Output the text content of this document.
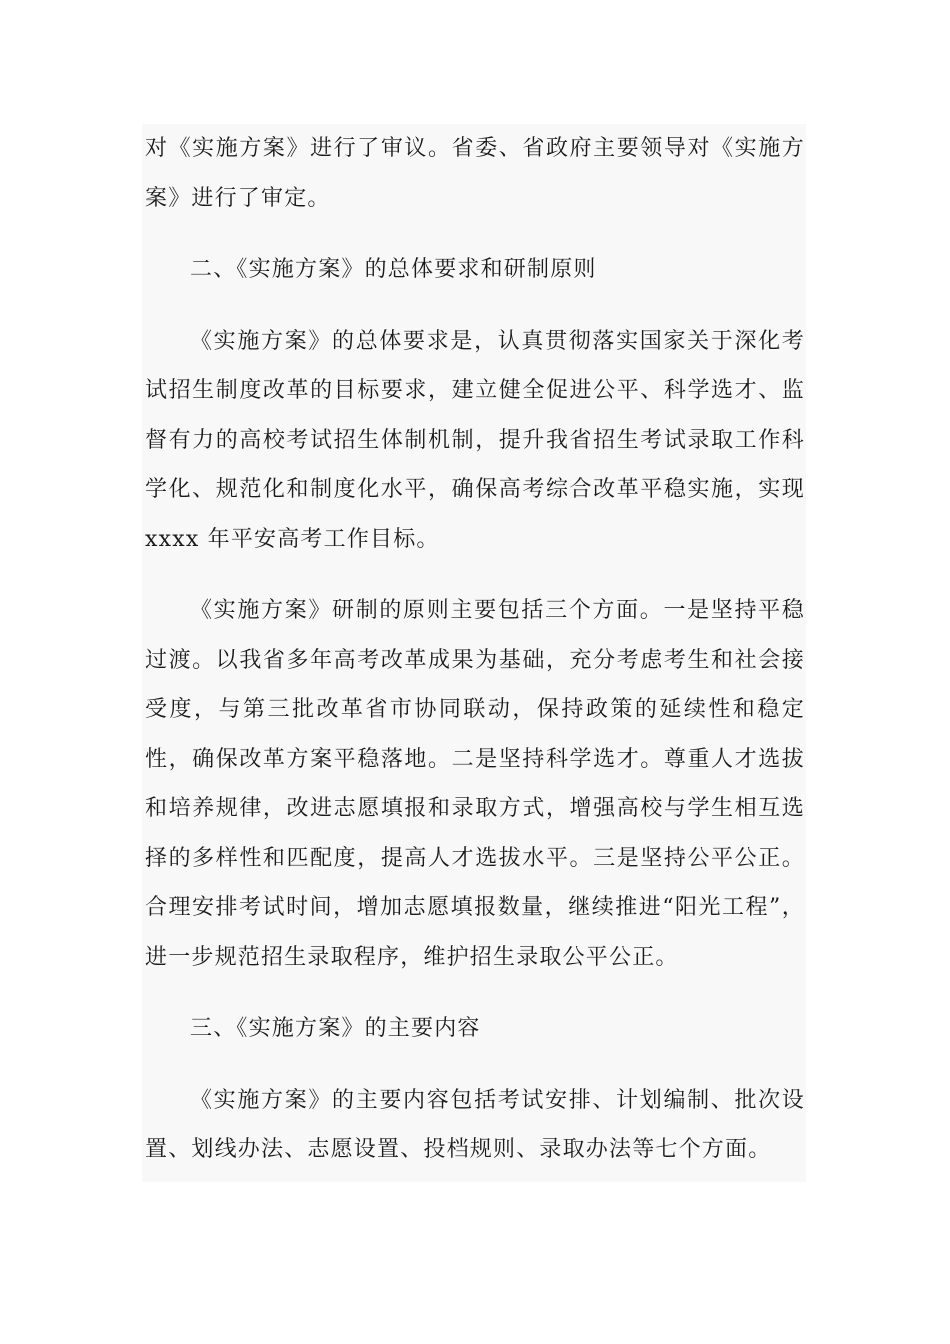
对《实施方案》进行了审议。省委、省政府主要领导对《实施方案》进行了审定。

二、《实施方案》的总体要求和研制原则

《实施方案》的总体要求是，认真贯彻落实国家关于深化考试招生制度改革的目标要求，建立健全促进公平、科学选才、监督有力的高校考试招生体制机制，提升我省招生考试录取工作科学化、规范化和制度化水平，确保高考综合改革平稳实施，实现 xxxx 年平安高考工作目标。

《实施方案》研制的原则主要包括三个方面。一是坚持平稳过渡。以我省多年高考改革成果为基础，充分考虑考生和社会接受度，与第三批改革省市协同联动，保持政策的延续性和稳定性，确保改革方案平稳落地。二是坚持科学选才。尊重人才选拔和培养规律，改进志愿填报和录取方式，增强高校与学生相互选择的多样性和匹配度，提高人才选拔水平。三是坚持公平公正。合理安排考试时间，增加志愿填报数量，继续推进“阳光工程”，进一步规范招生录取程序，维护招生录取公平公正。

三、《实施方案》的主要内容

《实施方案》的主要内容包括考试安排、计划编制、批次设置、划线办法、志愿设置、投档规则、录取办法等七个方面。
